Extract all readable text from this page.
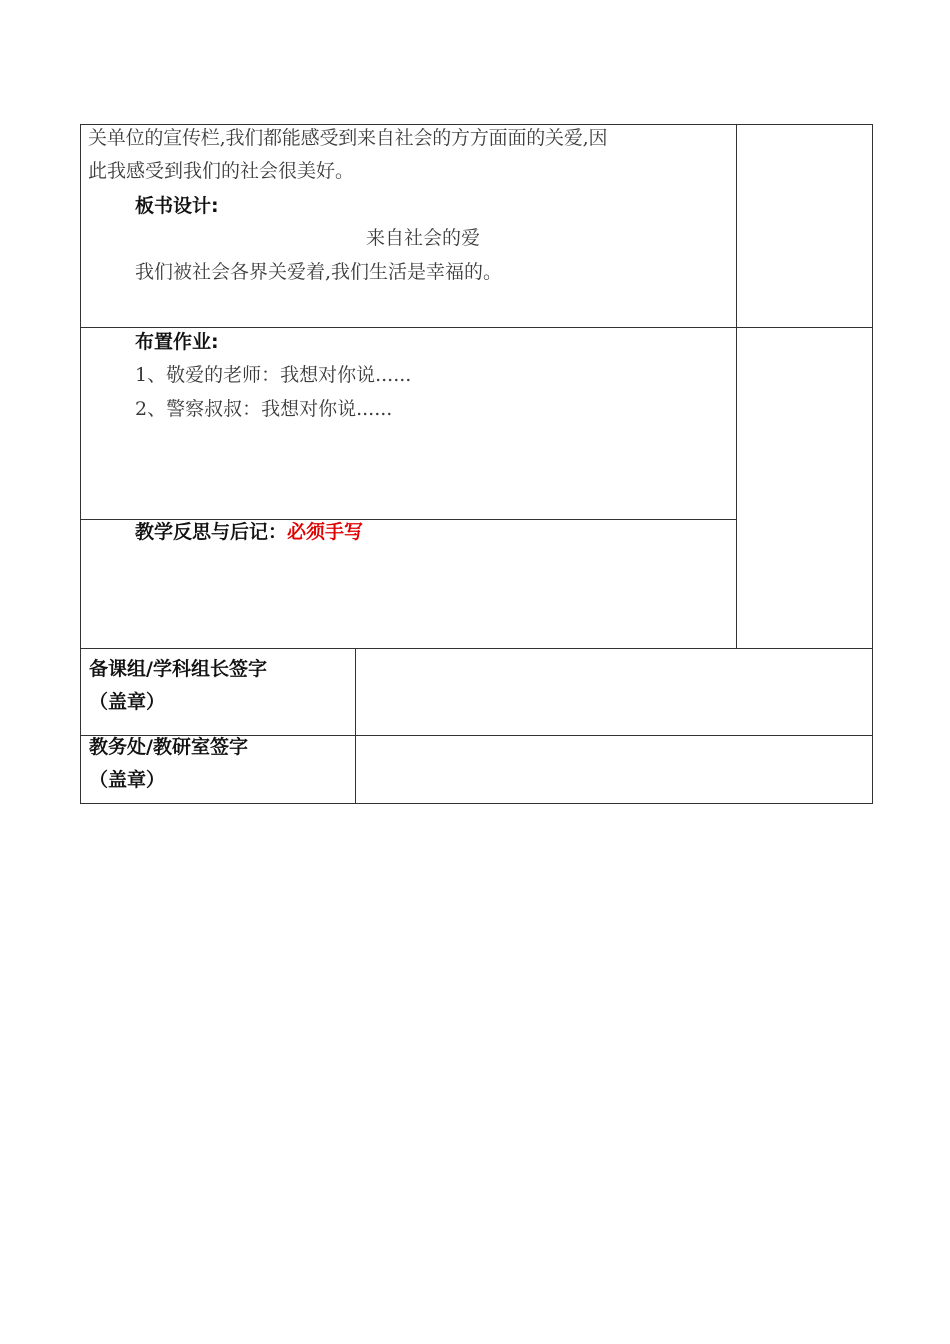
关单位的宣传栏,我们都能感受到来自社会的方方面面的关爱,因
此我感受到我们的社会很美好。
板书设计:
来自社会的爱
我们被社会各界关爱着,我们生活是幸福的。
布置作业:
1、敬爱的老师：我想对你说......
2、警察叔叔：我想对你说......
教学反思与后记：必须手写
备课组/学科组长签字
（盖章）
教务处/教研室签字
（盖章）
